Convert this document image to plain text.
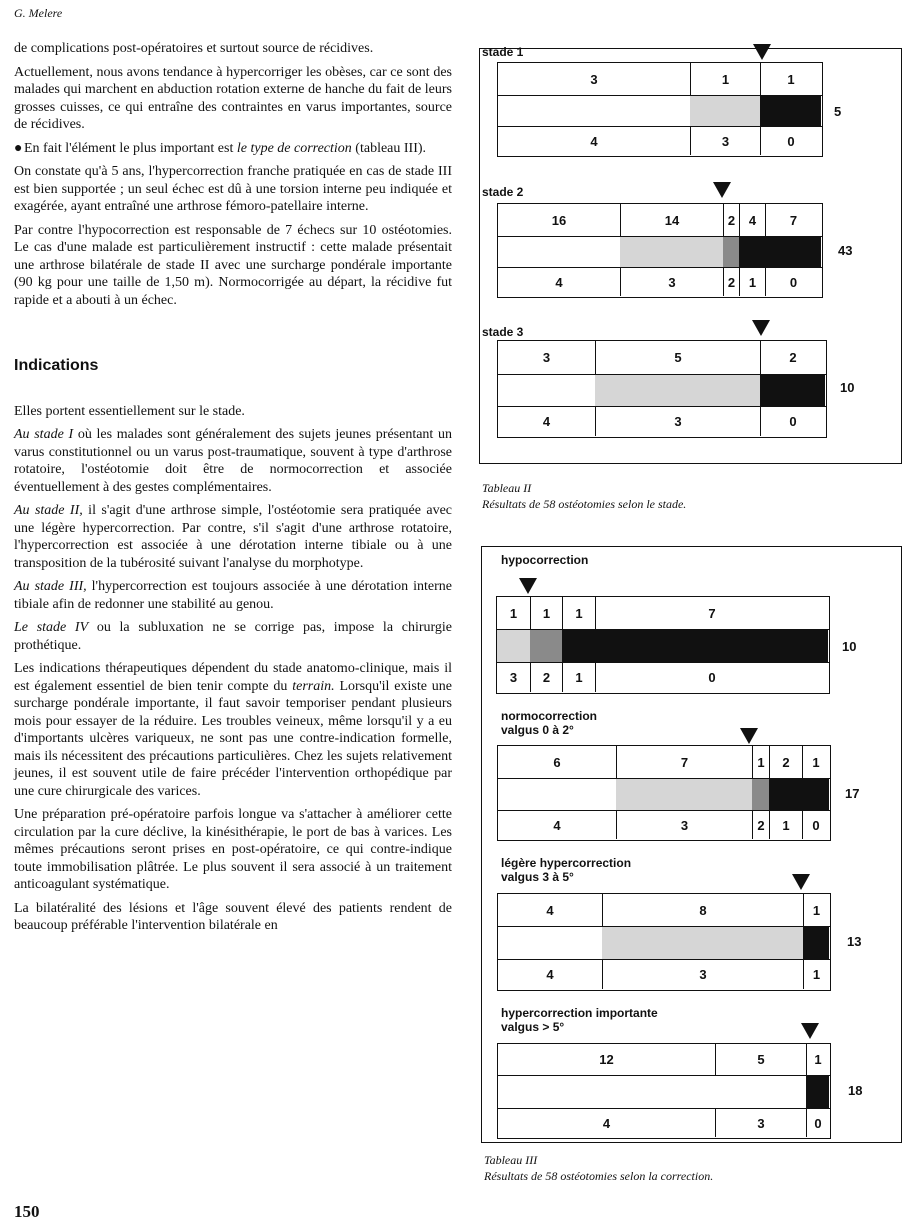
G. Melere

de complications post-opératoires et surtout source de récidives.

Actuellement, nous avons tendance à hypercorriger les obèses, car ce sont des malades qui marchent en abduction rotation externe de hanche du fait de leurs grosses cuisses, ce qui entraîne des contraintes en varus importantes, source de récidives.

● En fait l'élément le plus important est le type de correction (tableau III).

On constate qu'à 5 ans, l'hypercorrection franche pratiquée en cas de stade III est bien supportée ; un seul échec est dû à une torsion interne peu indiquée et exagérée, ayant entraîné une arthrose fémoro-patellaire interne.

Par contre l'hypocorrection est responsable de 7 échecs sur 10 ostéotomies. Le cas d'une malade est particulièrement instructif : cette malade présentait une arthrose bilatérale de stade II avec une surcharge pondérale importante (90 kg pour une taille de 1,50 m). Normocorrigée au départ, la récidive fut rapide et a abouti à un échec.

Indications

Elles portent essentiellement sur le stade.

Au stade I où les malades sont généralement des sujets jeunes présentant un varus constitutionnel ou un varus post-traumatique, souvent à type d'arthrose rotatoire, l'ostéotomie doit être de normocorrection et associée éventuellement à des gestes complémentaires.

Au stade II, il s'agit d'une arthrose simple, l'ostéotomie sera pratiquée avec une légère hypercorrection. Par contre, s'il s'agit d'une arthrose rotatoire, l'hypercorrection est associée à une dérotation interne tibiale ou à une transposition de la tubérosité suivant l'analyse du morphotype.

Au stade III, l'hypercorrection est toujours associée à une dérotation interne tibiale afin de redonner une stabilité au genou.

Le stade IV ou la subluxation ne se corrige pas, impose la chirurgie prothétique.

Les indications thérapeutiques dépendent du stade anatomo-clinique, mais il est également essentiel de bien tenir compte du terrain. Lorsqu'il existe une surcharge pondérale importante, il faut savoir temporiser pendant plusieurs mois pour essayer de la réduire. Les troubles veineux, même lorsqu'il y a eu d'importants ulcères variqueux, ne sont pas une contre-indication formelle, mais ils nécessitent des précautions particulières. Chez les sujets relativement jeunes, il est souvent utile de faire précéder l'intervention orthopédique par une cure chirurgicale des varices.

Une préparation pré-opératoire parfois longue va s'attacher à améliorer cette circulation par la cure déclive, la kinésithérapie, le port de bas à varices. Les mêmes précautions seront prises en post-opératoire, ce qui contre-indique toute immobilisation plâtrée. Le plus souvent il sera associé à un traitement anticoagulant systématique.

La bilatéralité des lésions et l'âge souvent élevé des patients rendent de beaucoup préférable l'intervention bilatérale en

150
stade 1
3	1	1
4	3	0
5
stade 2
16	14	2	4	7
4	3	2	1	0
43
stade 3
3	5	2
4	3	0
10
Tableau II
Résultats de 58 ostéotomies selon le stade.
hypocorrection
1	1	1	7
3	2	1	0
10
normocorrection
valgus 0 à 2°
6	7	1	2	1
4	3	2	1	0
17
légère hypercorrection
valgus 3 à 5°
4	8	1
4	3	1
13
hypercorrection importante
valgus > 5°
12	5	1
4	3	0
18
Tableau III
Résultats de 58 ostéotomies selon la correction.
